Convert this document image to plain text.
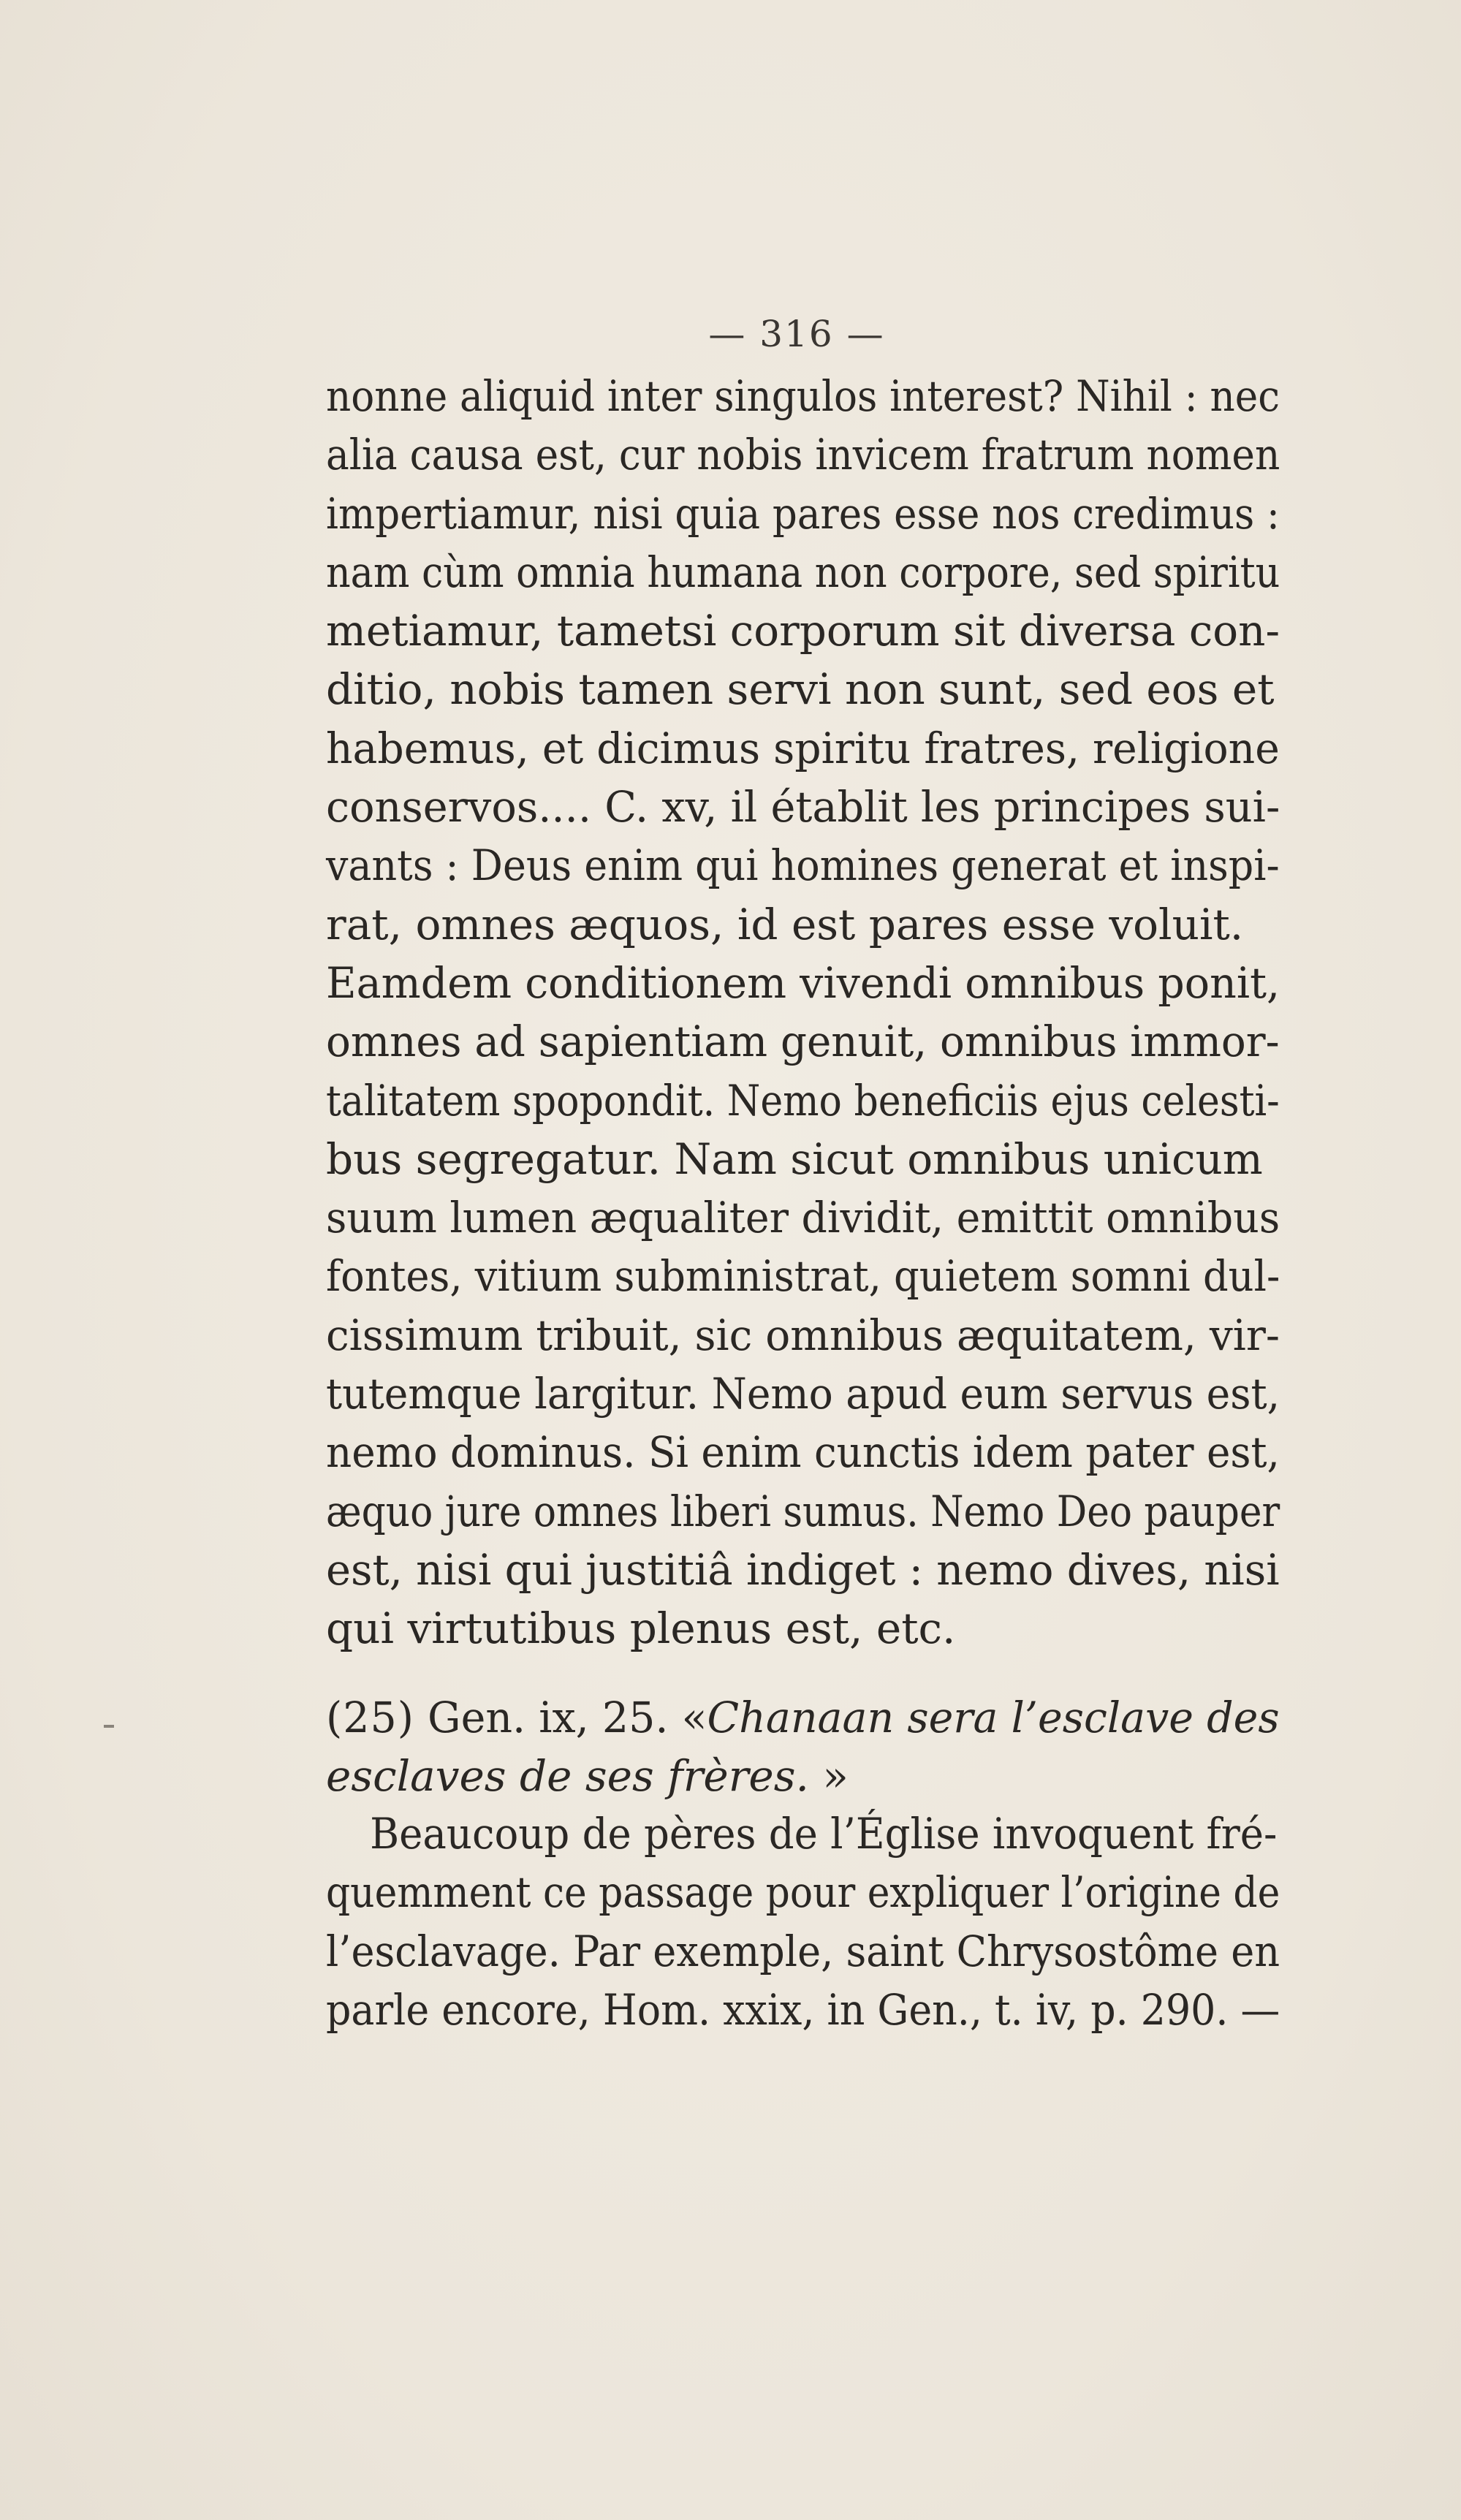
— 316 —
nonne aliquid inter singulos interest? Nihil : nec
alia causa est, cur nobis invicem fratrum nomen
impertiamur, nisi quia pares esse nos credimus :
nam cùm omnia humana non corpore, sed spiritu
metiamur, tametsi corporum sit diversa con-
ditio, nobis tamen servi non sunt, sed eos et
habemus, et dicimus spiritu fratres, religione
conservos.... C. xv, il établit les principes sui-
vants : Deus enim qui homines generat et inspi-
rat, omnes æquos, id est pares esse voluit.
Eamdem conditionem vivendi omnibus ponit,
omnes ad sapientiam genuit, omnibus immor-
talitatem spopondit. Nemo beneficiis ejus celesti-
bus segregatur. Nam sicut omnibus unicum
suum lumen æqualiter dividit, emittit omnibus
fontes, vitium subministrat, quietem somni dul-
cissimum tribuit, sic omnibus æquitatem, vir-
tutemque largitur. Nemo apud eum servus est,
nemo dominus. Si enim cunctis idem pater est,
æquo jure omnes liberi sumus. Nemo Deo pauper
est, nisi qui justitiâ indiget : nemo dives, nisi
qui virtutibus plenus est, etc.
(25) Gen. ix, 25. «Chanaan sera l’esclave des
esclaves de ses frères. »
Beaucoup de pères de l’Église invoquent fré-
quemment ce passage pour expliquer l’origine de
l’esclavage. Par exemple, saint Chrysostôme en
parle encore, Hom. xxix, in Gen., t. iv, p. 290. —
